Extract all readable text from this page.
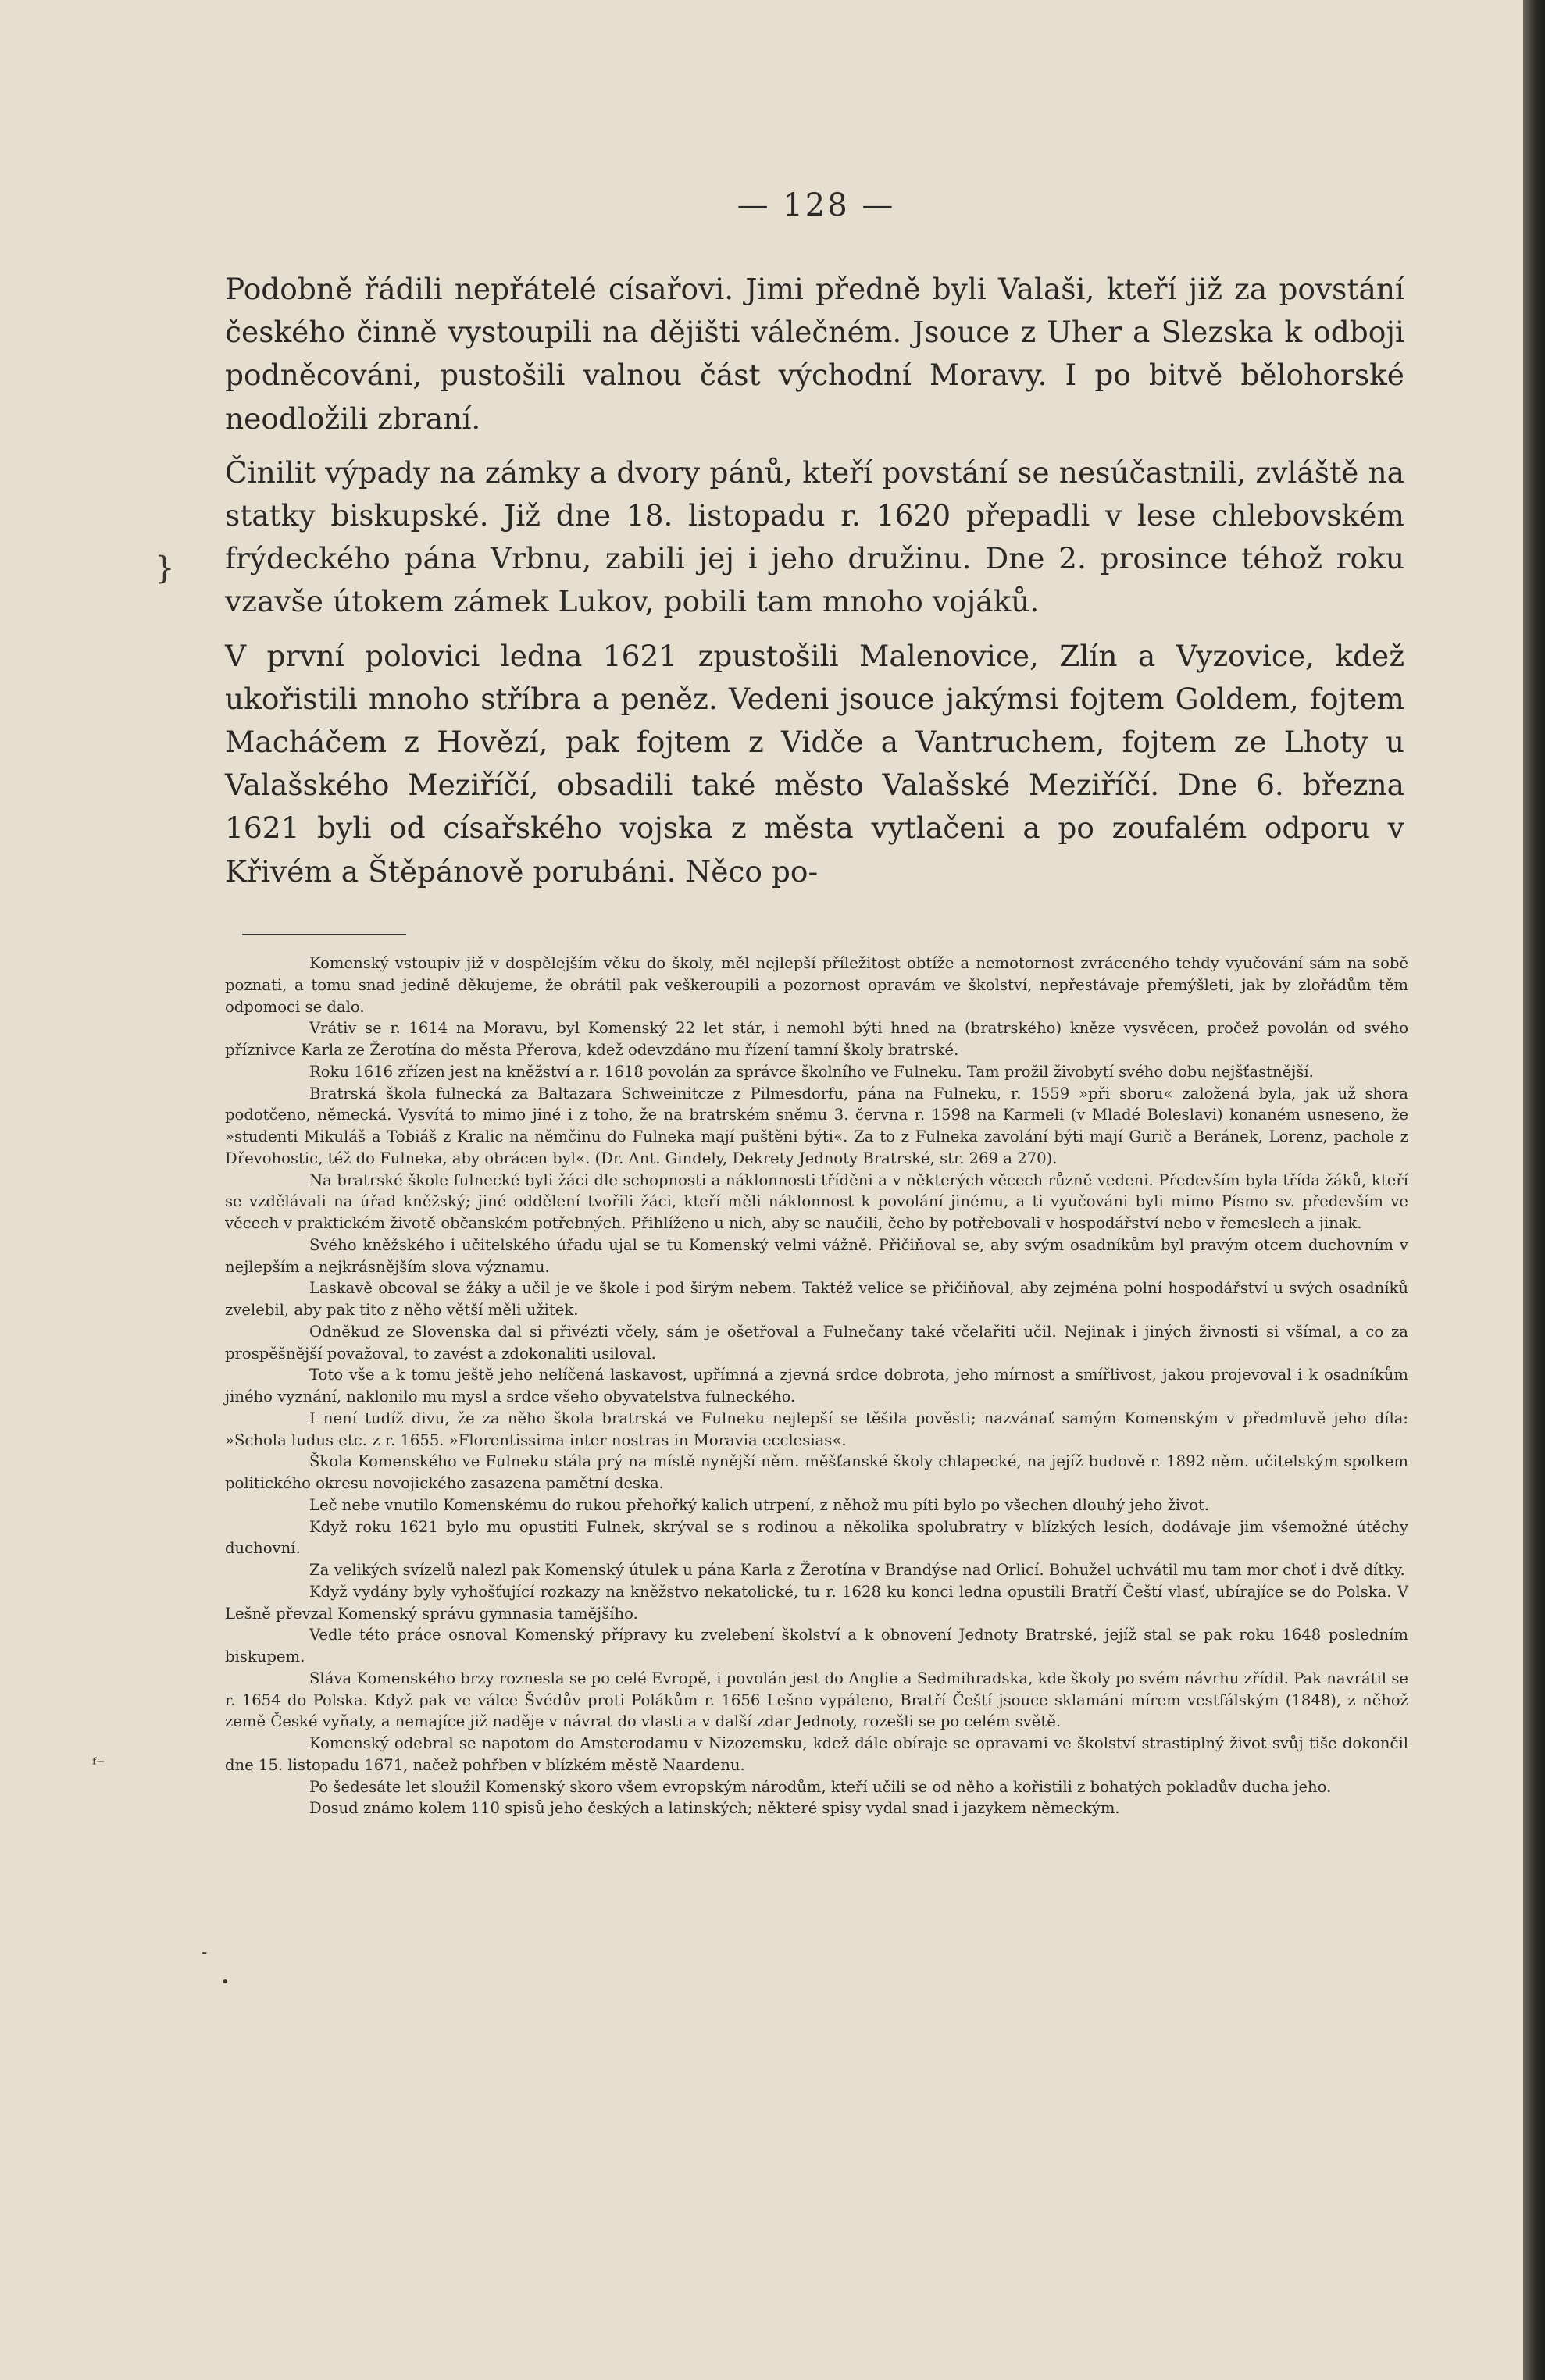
— 128 —

Podobně řádili nepřátelé císařovi. Jimi předně byli Valaši, kteří již za povstání českého činně vystoupili na dějišti válečném. Jsouce z Uher a Slezska k odboji podněcováni, pustošili valnou část východní Moravy. I po bitvě bělohorské neodložili zbraní.

Činilit výpady na zámky a dvory pánů, kteří povstání se nesúčastnili, zvláště na statky biskupské. Již dne 18. listopadu r. 1620 přepadli v lese chlebovském frýdeckého pána Vrbnu, zabili jej i jeho družinu. Dne 2. prosince téhož roku vzavše útokem zámek Lukov, pobili tam mnoho vojáků.

V první polovici ledna 1621 zpustošili Malenovice, Zlín a Vyzovice, kdež ukořistili mnoho stříbra a peněz. Vedeni jsouce jakýmsi fojtem Goldem, fojtem Macháčem z Hovězí, pak fojtem z Vidče a Vantruchem, fojtem ze Lhoty u Valašského Meziříčí, obsadili také město Valašské Meziříčí. Dne 6. března 1621 byli od císařského vojska z města vytlačeni a po zoufalém odporu v Křivém a Štěpánově porubáni. Něco po-

Komenský vstoupiv již v dospělejším věku do školy, měl nejlepší příležitost obtíže a nemotornost zvráceného tehdy vyučování sám na sobě poznati, a tomu snad jedině děkujeme, že obrátil pak veškeroupili a pozornost opravám ve školství, nepřestávaje přemýšleti, jak by zlořádům těm odpomoci se dalo.

Vrátiv se r. 1614 na Moravu, byl Komenský 22 let stár, i nemohl býti hned na (bratrského) kněze vysvěcen, pročež povolán od svého příznivce Karla ze Žerotína do města Přerova, kdež odevzdáno mu řízení tamní školy bratrské.

Roku 1616 zřízen jest na kněžství a r. 1618 povolán za správce školního ve Fulneku. Tam prožil živobytí svého dobu nejšťastnější.

Bratrská škola fulnecká za Baltazara Schweinitcze z Pilmesdorfu, pána na Fulneku, r. 1559 »při sboru« založená byla, jak už shora podotčeno, německá. Vysvítá to mimo jiné i z toho, že na bratrském sněmu 3. června r. 1598 na Karmeli (v Mladé Boleslavi) konaném usneseno, že »studenti Mikuláš a Tobiáš z Kralic na němčinu do Fulneka mají puštěni býti«. Za to z Fulneka zavolání býti mají Gurič a Beránek, Lorenz, pachole z Dřevohostic, též do Fulneka, aby obrácen byl«. (Dr. Ant. Gindely, Dekrety Jednoty Bratrské, str. 269 a 270).

Na bratrské škole fulnecké byli žáci dle schopnosti a náklonnosti tříděni a v některých věcech různě vedeni. Především byla třída žáků, kteří se vzdělávali na úřad kněžský; jiné oddělení tvořili žáci, kteří měli náklonnost k povolání jinému, a ti vyučováni byli mimo Písmo sv. především ve věcech v praktickém životě občanském potřebných. Přihlíženo u nich, aby se naučili, čeho by potřebovali v hospodářství nebo v řemeslech a jinak.

Svého kněžského i učitelského úřadu ujal se tu Komenský velmi vážně. Přičiňoval se, aby svým osadníkům byl pravým otcem duchovním v nejlepším a nejkrásnějším slova významu.

Laskavě obcoval se žáky a učil je ve škole i pod širým nebem. Taktéž velice se přičiňoval, aby zejména polní hospodářství u svých osadníků zvelebil, aby pak tito z něho větší měli užitek.

Odněkud ze Slovenska dal si přivézti včely, sám je ošetřoval a Fulnečany také včelařiti učil. Nejinak i jiných živnosti si všímal, a co za prospěšnější považoval, to zavést a zdokonaliti usiloval.

Toto vše a k tomu ještě jeho nelíčená laskavost, upřímná a zjevná srdce dobrota, jeho mírnost a smířlivost, jakou projevoval i k osadníkům jiného vyznání, naklonilo mu mysl a srdce všeho obyvatelstva fulneckého.

I není tudíž divu, že za něho škola bratrská ve Fulneku nejlepší se těšila pověsti; nazvánať samým Komenským v předmluvě jeho díla: »Schola ludus etc. z r. 1655. »Florentissima inter nostras in Moravia ecclesias«.

Škola Komenského ve Fulneku stála prý na místě nynější něm. měšťanské školy chlapecké, na jejíž budově r. 1892 něm. učitelským spolkem politického okresu novojického zasazena pamětní deska.

Leč nebe vnutilo Komenskému do rukou přehořký kalich utrpení, z něhož mu píti bylo po všechen dlouhý jeho život.

Když roku 1621 bylo mu opustiti Fulnek, skrýval se s rodinou a několika spolubratry v blízkých lesích, dodávaje jim všemožné útěchy duchovní.

Za velikých svízelů nalezl pak Komenský útulek u pána Karla z Žerotína v Brandýse nad Orlicí. Bohužel uchvátil mu tam mor choť i dvě dítky.

Když vydány byly vyhošťující rozkazy na kněžstvo nekatolické, tu r. 1628 ku konci ledna opustili Bratří Čeští vlasť, ubírajíce se do Polska. V Lešně převzal Komenský správu gymnasia tamějšího.

Vedle této práce osnoval Komenský přípravy ku zvelebení školství a k obnovení Jednoty Bratrské, jejíž stal se pak roku 1648 posledním biskupem.

Sláva Komenského brzy roznesla se po celé Evropě, i povolán jest do Anglie a Sedmihradska, kde školy po svém návrhu zřídil. Pak navrátil se r. 1654 do Polska. Když pak ve válce Švédův proti Polákům r. 1656 Lešno vypáleno, Bratří Čeští jsouce sklamáni mírem vestfálským (1848), z něhož země České vyňaty, a nemajíce již naděje v návrat do vlasti a v další zdar Jednoty, rozešli se po celém světě.

Komenský odebral se napotom do Amsterodamu v Nizozemsku, kdež dále obíraje se opravami ve školství strastiplný život svůj tiše dokončil dne 15. listopadu 1671, načež pohřben v blízkém městě Naardenu.

Po šedesáte let sloužil Komenský skoro všem evropským národům, kteří učili se od něho a kořistili z bohatých pokladův ducha jeho.

Dosud známo kolem 110 spisů jeho českých a latinských; některé spisy vydal snad i jazykem německým.

}
ᶠ⁻
-
•
